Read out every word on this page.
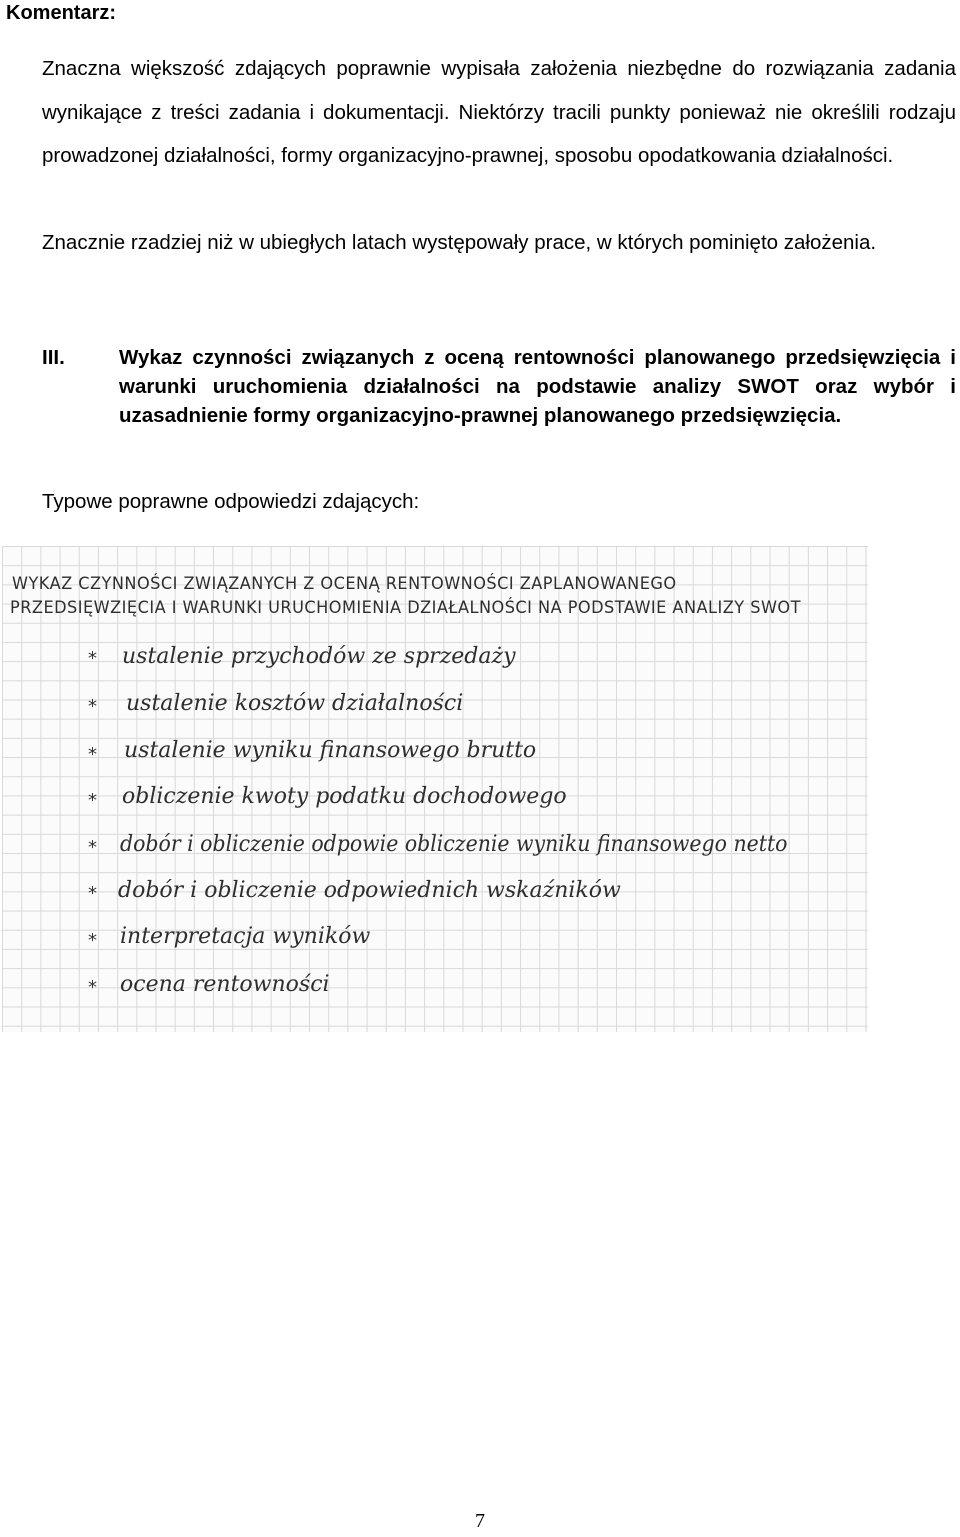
Komentarz:
Znaczna większość zdających poprawnie wypisała założenia niezbędne do rozwiązania zadania wynikające z treści zadania i dokumentacji. Niektórzy tracili punkty ponieważ nie określili rodzaju prowadzonej działalności, formy organizacyjno-prawnej, sposobu opodatkowania działalności.
Znacznie rzadziej niż w ubiegłych latach występowały prace, w których pominięto założenia.
III.	Wykaz czynności związanych z oceną rentowności planowanego przedsięwzięcia i warunki uruchomienia działalności na podstawie analizy SWOT oraz wybór i uzasadnienie formy organizacyjno-prawnej planowanego przedsięwzięcia.
Typowe poprawne odpowiedzi zdających:
WYKAZ CZYNNOŚCI ZWIĄZANYCH Z OCENĄ RENTOWNOŚCI ZAPLANOWANEGO
PRZEDSIĘWZIĘCIA I WARUNKI URUCHOMIENIA DZIAŁALNOŚCI NA PODSTAWIE ANALIZY SWOT
* ustalenie przychodów ze sprzedaży
* ustalenie kosztów działalności
* ustalenie wyniku finansowego brutto
* obliczenie kwoty podatku dochodowego
* dobór i obliczenie odpowie obliczenie wyniku finansowego netto
* dobór i obliczenie odpowiednich wskaźników
* interpretacja wyników
* ocena rentowności
7
